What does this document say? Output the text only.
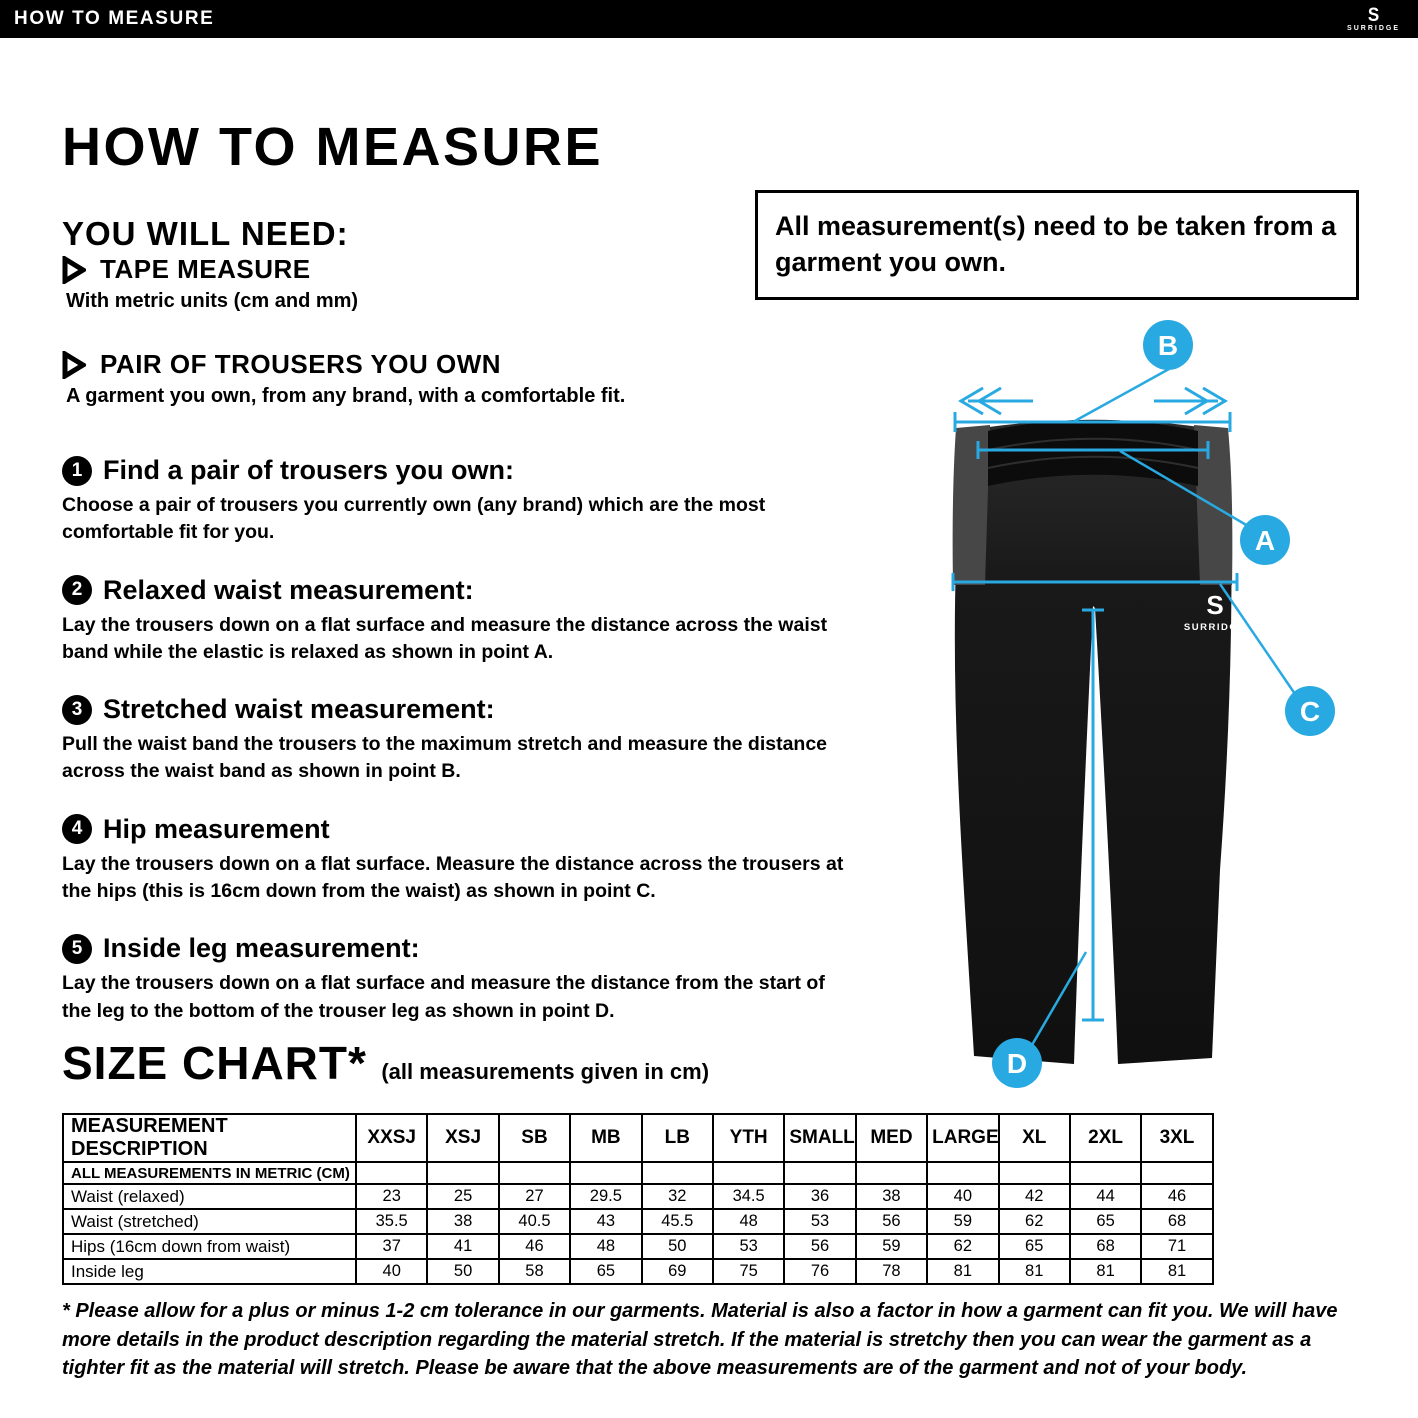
HOW TO MEASURE	S
SURRIDGE
HOW TO MEASURE
YOU WILL NEED:
TAPE MEASURE
With metric units (cm and mm)
PAIR OF TROUSERS YOU OWN
A garment you own, from any brand, with a comfortable fit.
All measurement(s) need to be taken from a garment you own.
1 Find a pair of trousers you own:
Choose a pair of trousers you currently own (any brand) which are the most comfortable fit for you.
2 Relaxed waist measurement:
Lay the trousers down on a flat surface and measure the distance across the waist band while the elastic is relaxed as shown in point A.
3 Stretched waist measurement:
Pull the waist band the trousers to the maximum stretch and measure the distance across the waist band as shown in point B.
4 Hip measurement
Lay the trousers down on a flat surface. Measure the distance across the trousers at the hips (this is 16cm down from the waist) as shown in point C.
5 Inside leg measurement:
Lay the trousers down on a flat surface and measure the distance from the start of the leg to the bottom of the trouser leg as shown in point D.
S
SURRIDGE
B
A
C
D
SIZE CHART* (all measurements given in cm)
MEASUREMENT DESCRIPTION	XXSJ	XSJ	SB	MB	LB	YTH	SMALL	MED	LARGE	XL	2XL	3XL
ALL MEASUREMENTS IN METRIC (CM)												
Waist (relaxed)	23	25	27	29.5	32	34.5	36	38	40	42	44	46
Waist (stretched)	35.5	38	40.5	43	45.5	48	53	56	59	62	65	68
Hips (16cm down from waist)	37	41	46	48	50	53	56	59	62	65	68	71
Inside leg	40	50	58	65	69	75	76	78	81	81	81	81
* Please allow for a plus or minus 1-2 cm tolerance in our garments. Material is also a factor in how a garment can fit you. We will have more details in the product description regarding the material stretch. If the material is stretchy then you can wear the garment as a tighter fit as the material will stretch. Please be aware that the above measurements are of the garment and not of your body.
